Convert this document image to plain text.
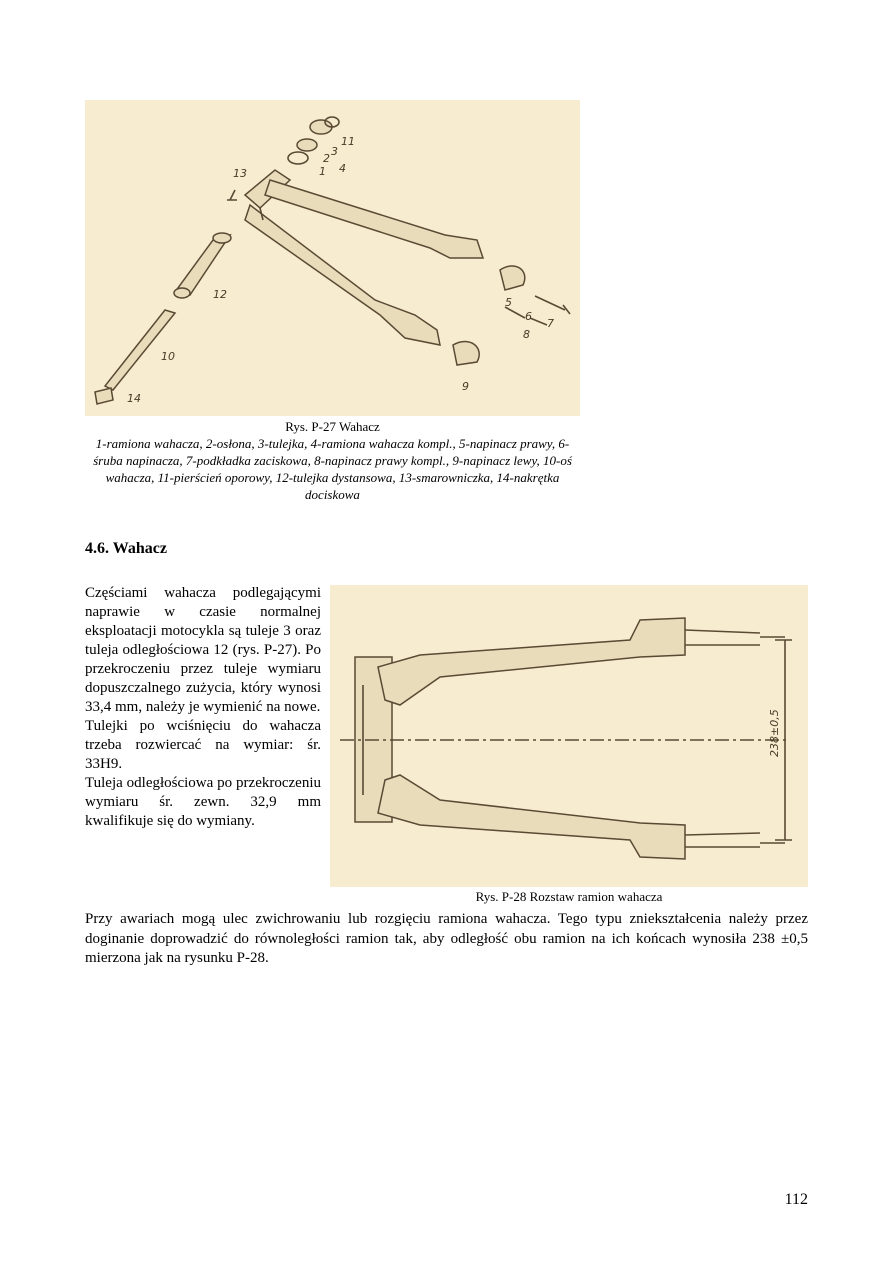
13	1
2
3
11
4
12
10
14
5
6
7
8
9
Rys. P-27 Wahacz
1-ramiona wahacza, 2-osłona, 3-tulejka, 4-ramiona wahacza kompl., 5-napinacz prawy, 6-śruba napinacza, 7-podkładka zaciskowa, 8-napinacz prawy kompl., 9-napinacz lewy, 10-oś wahacza, 11-pierścień oporowy, 12-tulejka dystansowa, 13-smarowniczka, 14-nakrętka dociskowa
4.6. Wahacz

Częściami wahacza podlegającymi naprawie w czasie normalnej eksploatacji motocykla są tuleje 3 oraz tuleja odległościowa 12 (rys. P-27). Po przekroczeniu przez tuleje wymiaru dopuszczalnego zużycia, który wynosi 33,4 mm, należy je wymienić na nowe.

Tulejki po wciśnięciu do wahacza trzeba rozwiercać na wymiar: śr. 33H9.

Tuleja odległościowa po przekroczeniu wymiaru śr. zewn. 32,9 mm kwalifikuje się do wymiany.

238±0,5
Rys. P-28 Rozstaw ramion wahacza

Przy awariach mogą ulec zwichrowaniu lub rozgięciu ramiona wahacza. Tego typu zniekształcenia należy przez doginanie doprowadzić do równoległości ramion tak, aby odległość obu ramion na ich końcach wynosiła 238 ±0,5 mierzona jak na rysunku P-28.

112
